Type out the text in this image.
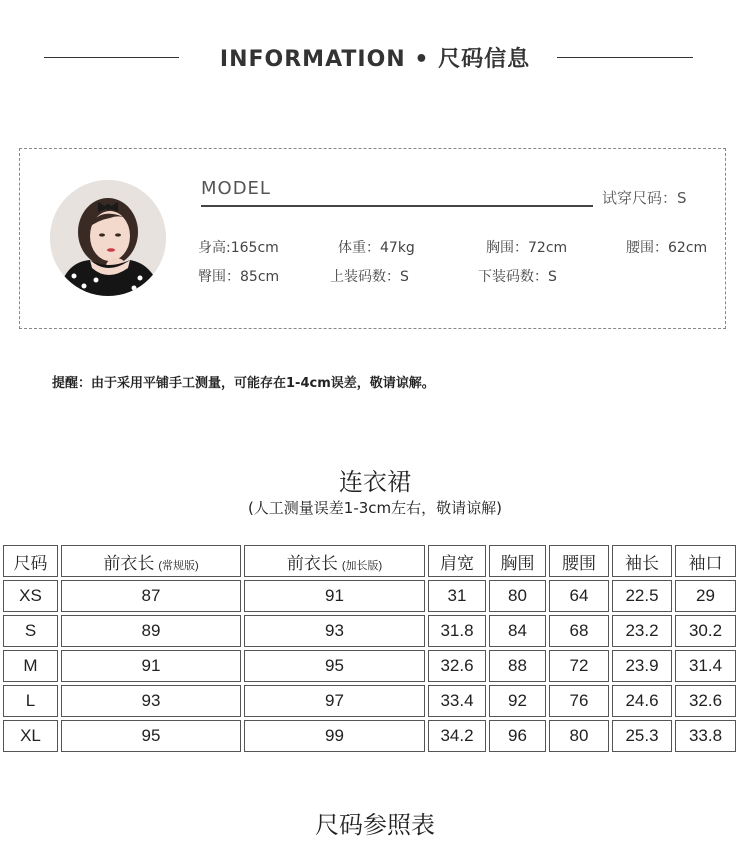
INFORMATION • 尺码信息
MODEL	试穿尺码：S
身高:165cm	体重：47kg	胸围：72cm	腰围：62cm
臀围：85cm	上装码数：S	下装码数：S
提醒：由于采用平铺手工测量，可能存在1-4cm误差，敬请谅解。
连衣裙
(人工测量误差1-3cm左右，敬请谅解)
尺码	前衣长 (常规版)	前衣长 (加长版)	肩宽	胸围	腰围	袖长	袖口
XS	87	91	31	80	64	22.5	29
S	89	93	31.8	84	68	23.2	30.2
M	91	95	32.6	88	72	23.9	31.4
L	93	97	33.4	92	76	24.6	32.6
XL	95	99	34.2	96	80	25.3	33.8
尺码参照表
